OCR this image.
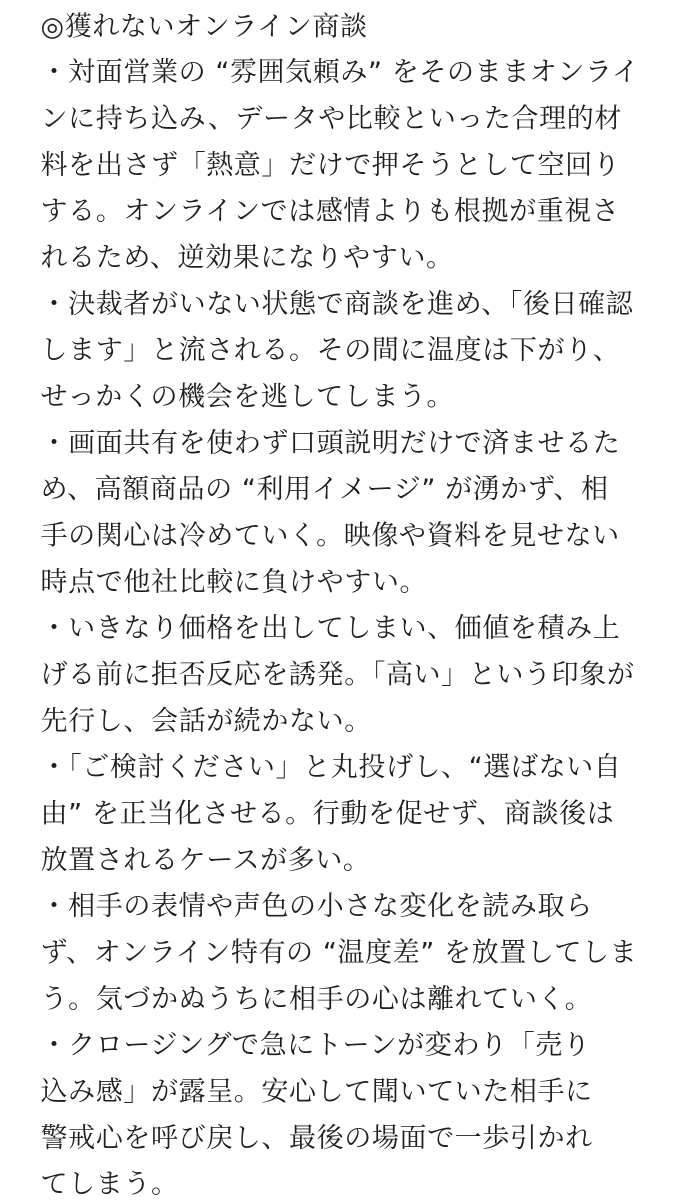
◎獲れないオンライン商談
・対面営業の “雰囲気頼み” をそのままオンライ
ンに持ち込み、データや比較といった合理的材
料を出さず「熱意」だけで押そうとして空回り
する。オンラインでは感情よりも根拠が重視さ
れるため、逆効果になりやすい。
・決裁者がいない状態で商談を進め、「後日確認
します」と流される。その間に温度は下がり、
せっかくの機会を逃してしまう。
・画面共有を使わず口頭説明だけで済ませるた
め、高額商品の “利用イメージ” が湧かず、相
手の関心は冷めていく。映像や資料を見せない
時点で他社比較に負けやすい。
・いきなり価格を出してしまい、価値を積み上
げる前に拒否反応を誘発。「高い」という印象が
先行し、会話が続かない。
・「ご検討ください」と丸投げし、“選ばない自
由” を正当化させる。行動を促せず、商談後は
放置されるケースが多い。
・相手の表情や声色の小さな変化を読み取ら
ず、オンライン特有の “温度差” を放置してしま
う。気づかぬうちに相手の心は離れていく。
・クロージングで急にトーンが変わり「売り
込み感」が露呈。安心して聞いていた相手に
警戒心を呼び戻し、最後の場面で一歩引かれ
てしまう。
